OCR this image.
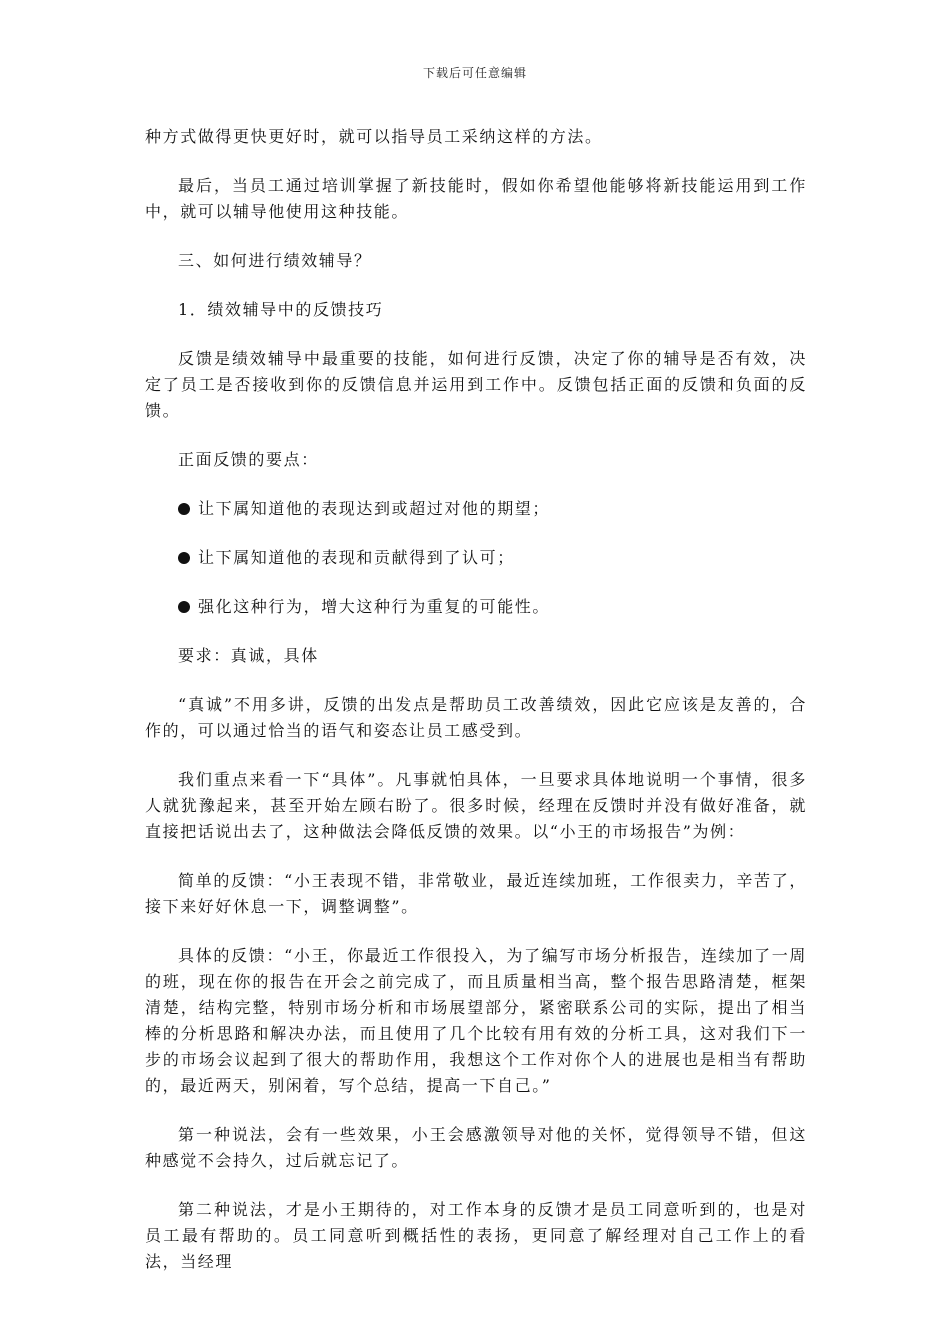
下载后可任意编辑

种方式做得更快更好时，就可以指导员工采纳这样的方法。

最后，当员工通过培训掌握了新技能时，假如你希望他能够将新技能运用到工作中，就可以辅导他使用这种技能。

三、如何进行绩效辅导？

1．绩效辅导中的反馈技巧

反馈是绩效辅导中最重要的技能，如何进行反馈，决定了你的辅导是否有效，决定了员工是否接收到你的反馈信息并运用到工作中。反馈包括正面的反馈和负面的反馈。

正面反馈的要点：

让下属知道他的表现达到或超过对他的期望；
让下属知道他的表现和贡献得到了认可；
强化这种行为，增大这种行为重复的可能性。

要求：真诚，具体

“真诚”不用多讲，反馈的出发点是帮助员工改善绩效，因此它应该是友善的，合作的，可以通过恰当的语气和姿态让员工感受到。

我们重点来看一下“具体”。凡事就怕具体，一旦要求具体地说明一个事情，很多人就犹豫起来，甚至开始左顾右盼了。很多时候，经理在反馈时并没有做好准备，就直接把话说出去了，这种做法会降低反馈的效果。以“小王的市场报告”为例：

简单的反馈：“小王表现不错，非常敬业，最近连续加班，工作很卖力，辛苦了，接下来好好休息一下，调整调整”。

具体的反馈：“小王，你最近工作很投入，为了编写市场分析报告，连续加了一周的班，现在你的报告在开会之前完成了，而且质量相当高，整个报告思路清楚，框架清楚，结构完整，特别市场分析和市场展望部分，紧密联系公司的实际，提出了相当棒的分析思路和解决办法，而且使用了几个比较有用有效的分析工具，这对我们下一步的市场会议起到了很大的帮助作用，我想这个工作对你个人的进展也是相当有帮助的，最近两天，别闲着，写个总结，提高一下自己。”

第一种说法，会有一些效果，小王会感激领导对他的关怀，觉得领导不错，但这种感觉不会持久，过后就忘记了。

第二种说法，才是小王期待的，对工作本身的反馈才是员工同意听到的，也是对员工最有帮助的。员工同意听到概括性的表扬，更同意了解经理对自己工作上的看法，当经理
